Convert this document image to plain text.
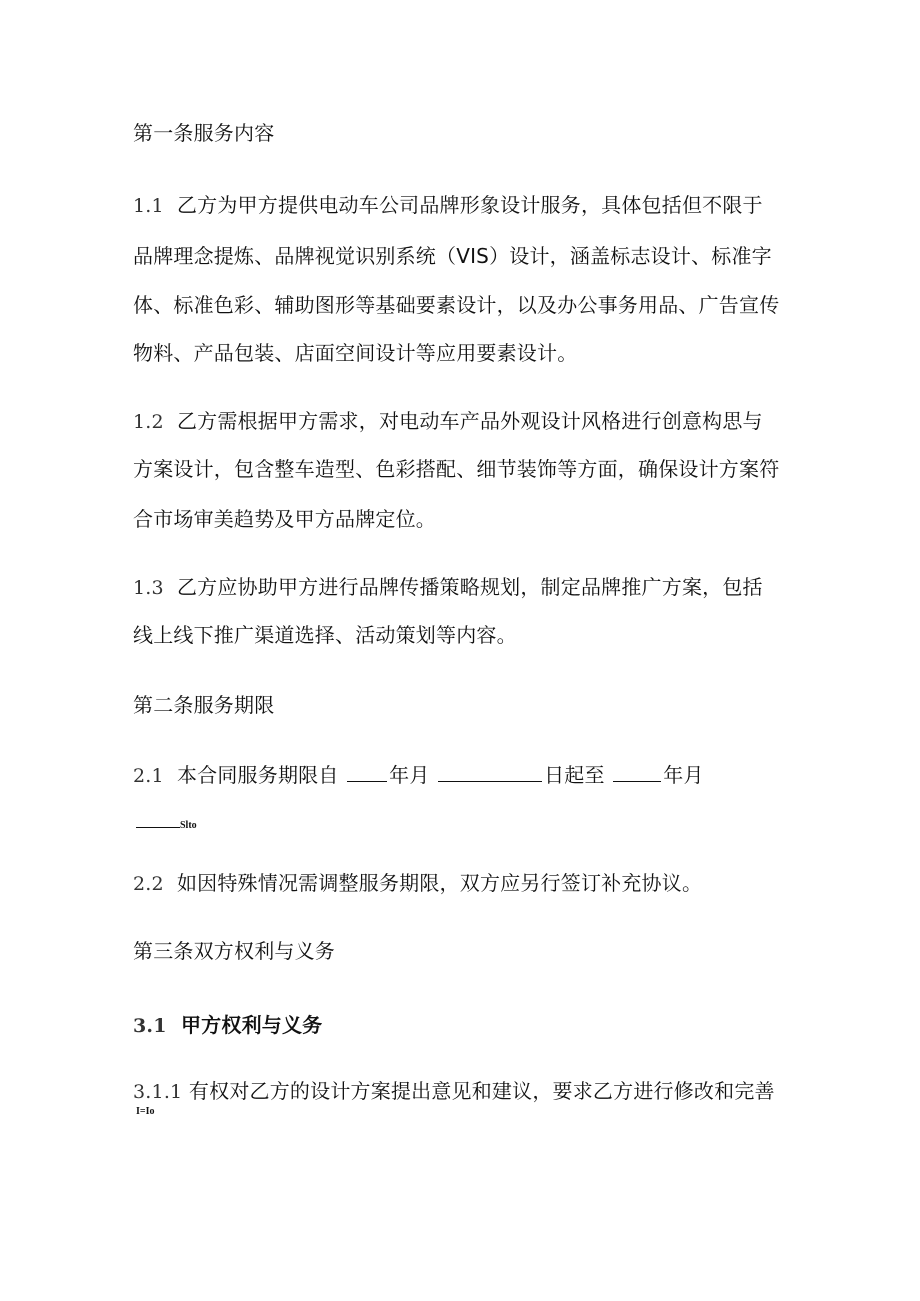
第一条服务内容
1.1 乙方为甲方提供电动车公司品牌形象设计服务，具体包括但不限于
品牌理念提炼、品牌视觉识别系统（VIS）设计，涵盖标志设计、标准字
体、标准色彩、辅助图形等基础要素设计，以及办公事务用品、广告宣传
物料、产品包装、店面空间设计等应用要素设计。
1.2 乙方需根据甲方需求，对电动车产品外观设计风格进行创意构思与
方案设计，包含整车造型、色彩搭配、细节装饰等方面，确保设计方案符
合市场审美趋势及甲方品牌定位。
1.3 乙方应协助甲方进行品牌传播策略规划，制定品牌推广方案，包括
线上线下推广渠道选择、活动策划等内容。
第二条服务期限
2.1 本合同服务期限自	年月	日起至	年月
Slto
2.2 如因特殊情况需调整服务期限，双方应另行签订补充协议。
第三条双方权利与义务
3.1 甲方权利与义务
3.1.1 有权对乙方的设计方案提出意见和建议，要求乙方进行修改和完善
I=Io
